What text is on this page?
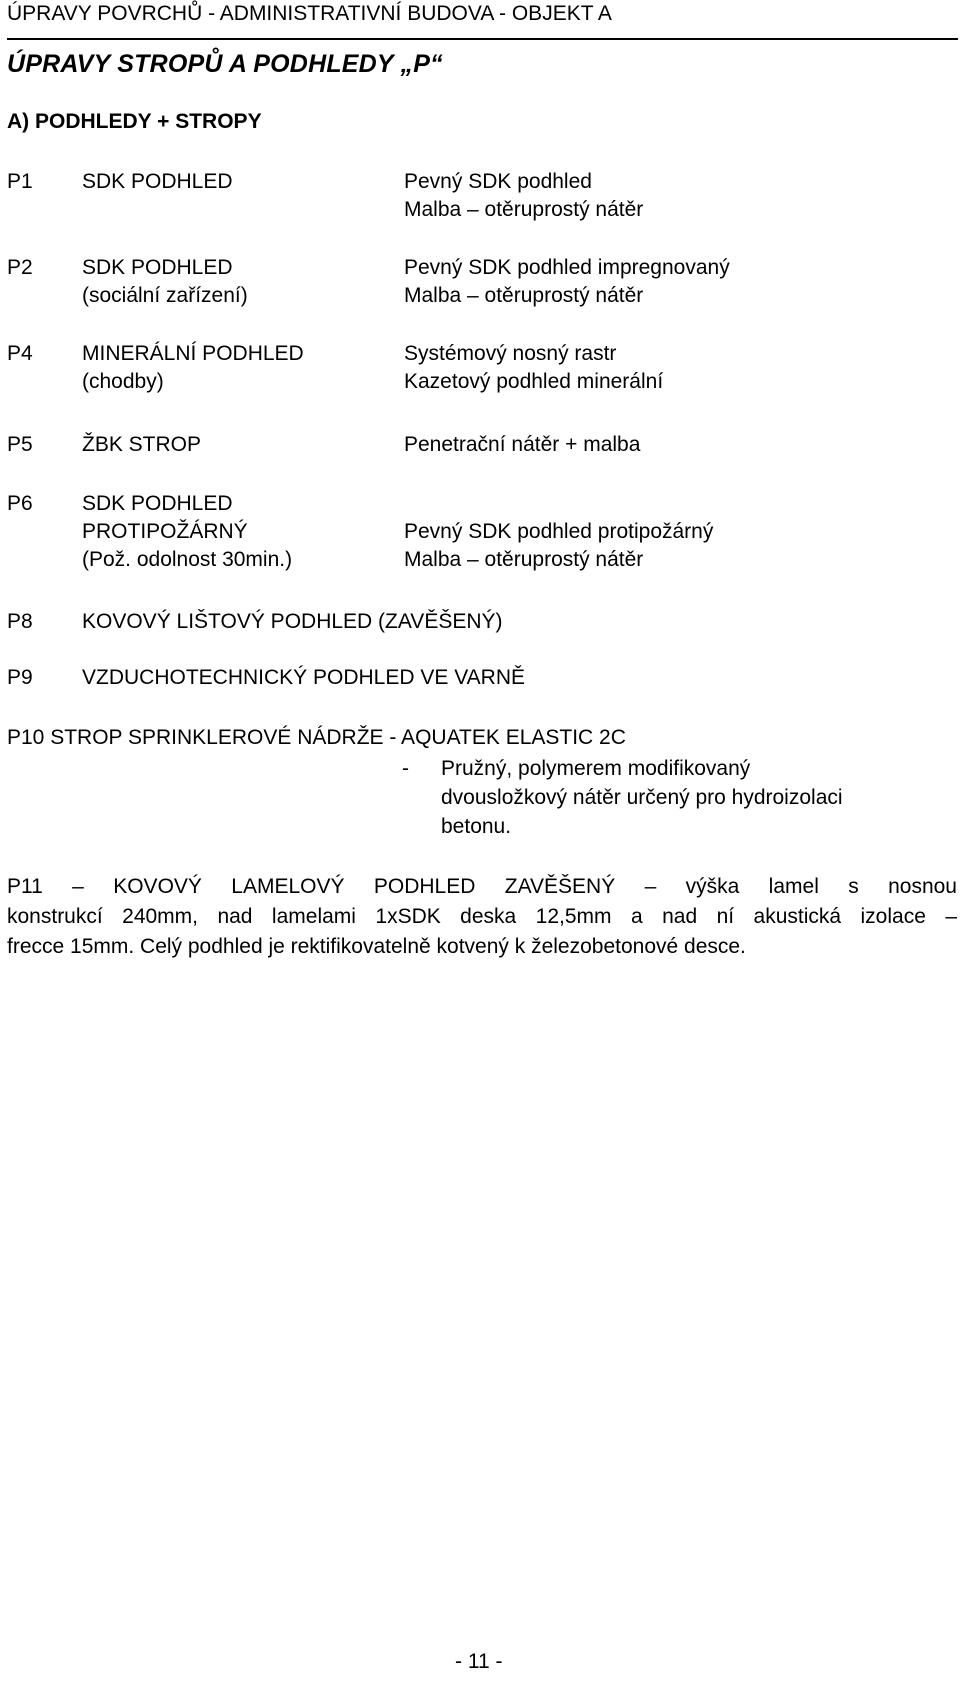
ÚPRAVY POVRCHŮ - ADMINISTRATIVNÍ BUDOVA - OBJEKT A
ÚPRAVY STROPŮ A PODHLEDY „P“
A) PODHLEDY + STROPY
P1 SDK PODHLED	Pevný SDK podhled
Malba – otěruprostý nátěr
P2 SDK PODHLED
(sociální zařízení)
Pevný SDK podhled impregnovaný
Malba – otěruprostý nátěr
P4 MINERÁLNÍ PODHLED
(chodby)
Systémový nosný rastr
Kazetový podhled minerální
P5 ŽBK STROP	Penetrační nátěr + malba
P6 SDK PODHLED
PROTIPOŽÁRNÝ
(Pož. odolnost 30min.)
Pevný SDK podhled protipožárný
Malba – otěruprostý nátěr
P8 KOVOVÝ LIŠTOVÝ PODHLED (ZAVĚŠENÝ)
P9 VZDUCHOTECHNICKÝ PODHLED VE VARNĚ
P10 STROP SPRINKLEROVÉ NÁDRŽE - AQUATEK ELASTIC 2C
- Pružný, polymerem modifikovaný
dvousložkový nátěr určený pro hydroizolaci
betonu.
P11 – KOVOVÝ LAMELOVÝ PODHLED ZAVĚŠENÝ – výška lamel s nosnou
konstrukcí 240mm, nad lamelami 1xSDK deska 12,5mm a nad ní akustická izolace –
frecce 15mm. Celý podhled je rektifikovatelně kotvený k železobetonové desce.
- 11 -
